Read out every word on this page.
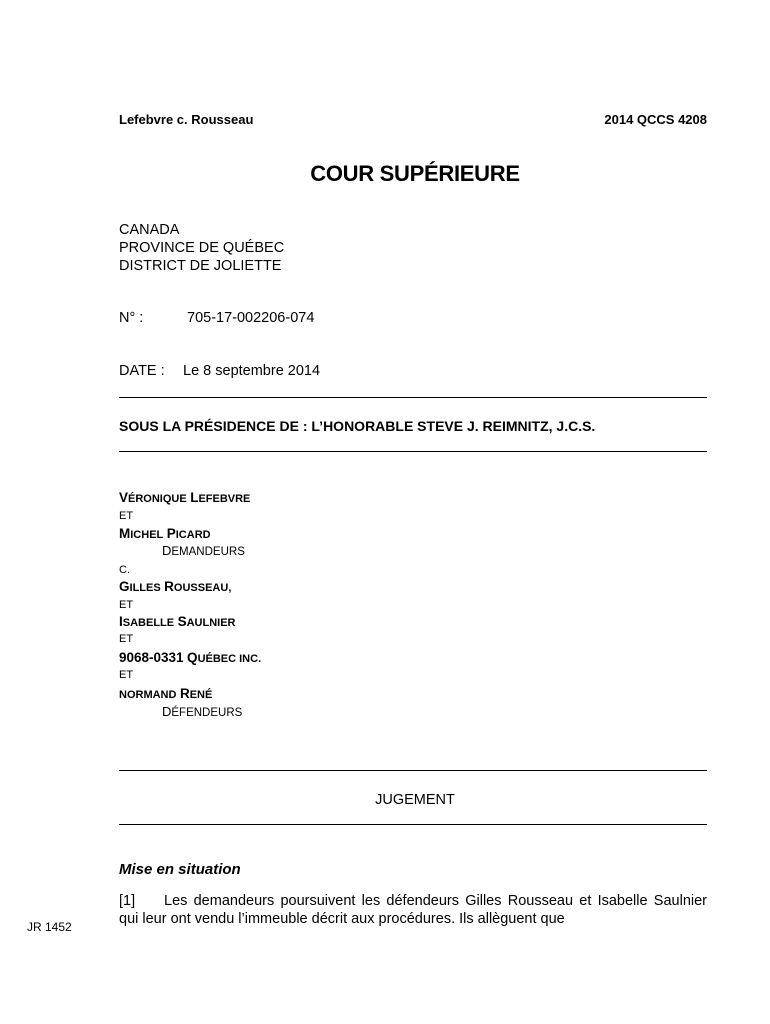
Lefebvre c. Rousseau	2014 QCCS 4208
COUR SUPÉRIEURE
CANADA
PROVINCE DE QUÉBEC
DISTRICT DE JOLIETTE
N° :	705-17-002206-074
DATE : Le 8 septembre 2014
SOUS LA PRÉSIDENCE DE : L’HONORABLE STEVE J. REIMNITZ, J.C.S.
VÉRONIQUE LEFEBVRE
ET
MICHEL PICARD
DEMANDEURS
C.
GILLES ROUSSEAU,
ET
ISABELLE SAULNIER
ET
9068-0331 QUÉBEC INC.
ET
NORMAND RENÉ
DÉFENDEURS
JUGEMENT
Mise en situation
[1] Les demandeurs poursuivent les défendeurs Gilles Rousseau et Isabelle Saulnier qui leur ont vendu l’immeuble décrit aux procédures. Ils allèguent que
JR 1452
